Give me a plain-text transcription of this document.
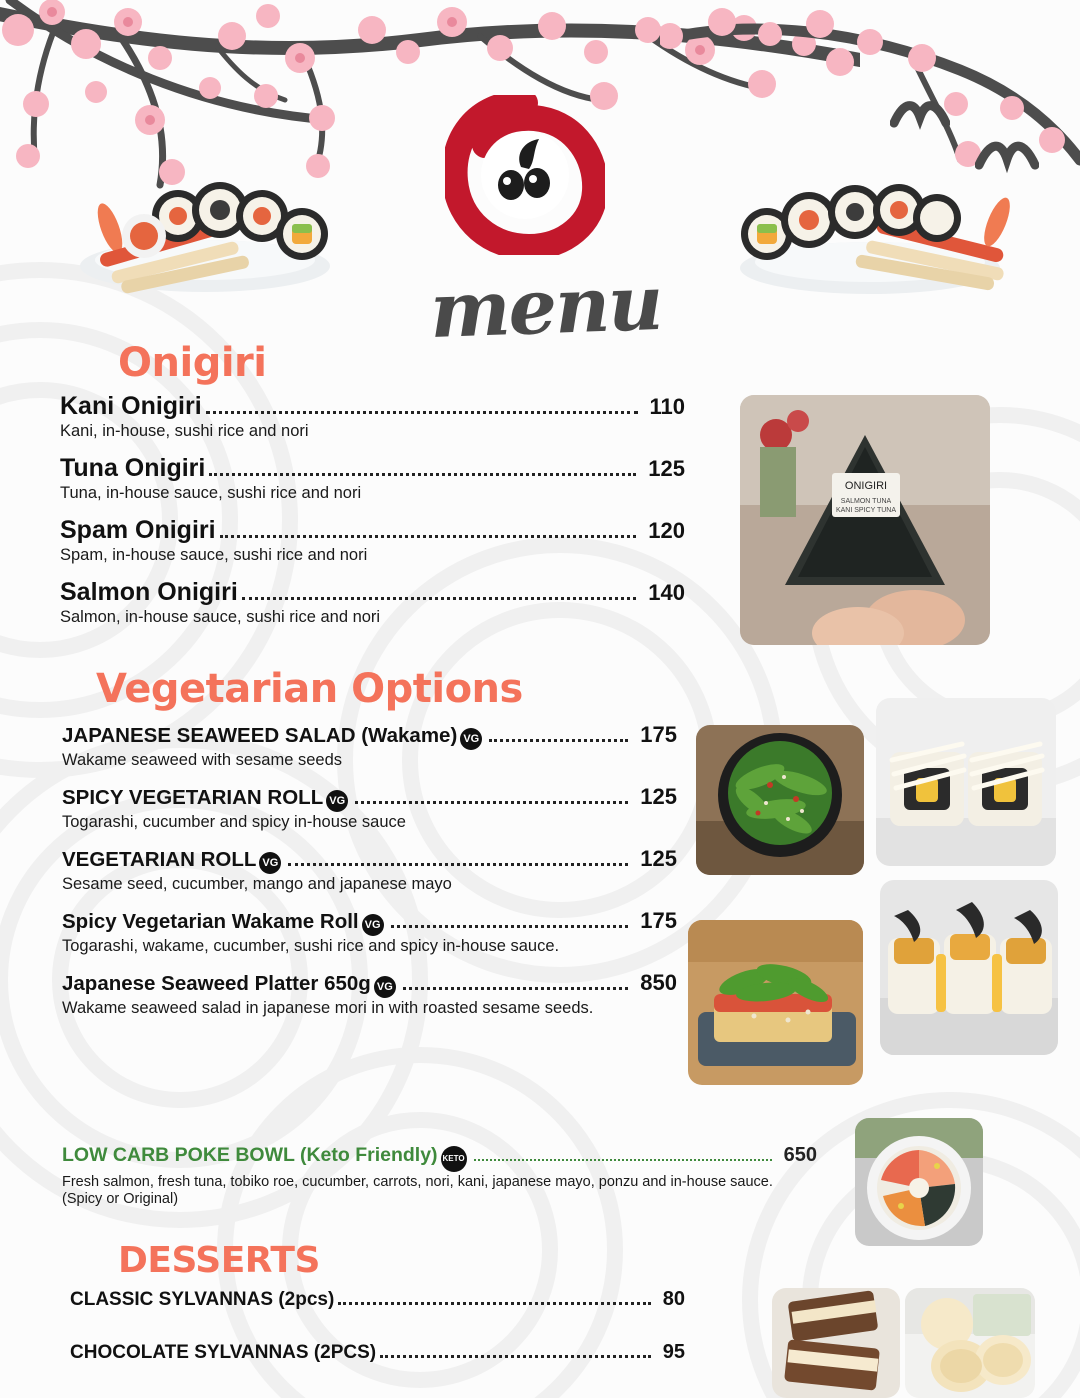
menu
Onigiri
Kani Onigiri	110
Kani, in-house, sushi rice and nori
Tuna Onigiri	125
Tuna, in-house sauce, sushi rice and nori
Spam Onigiri	120
Spam, in-house sauce, sushi rice and nori
Salmon Onigiri	140
Salmon, in-house sauce, sushi rice and nori
Vegetarian Options
JAPANESE SEAWEED SALAD (Wakame) VG	175
Wakame seaweed with sesame seeds
SPICY VEGETARIAN ROLL VG	125
Togarashi, cucumber and spicy in-house sauce
VEGETARIAN ROLL VG	125
Sesame seed, cucumber, mango and japanese mayo
Spicy Vegetarian Wakame Roll VG	175
Togarashi, wakame, cucumber, sushi rice and spicy in-house sauce.
Japanese Seaweed Platter 650g VG	850
Wakame seaweed salad in japanese mori in with roasted sesame seeds.
LOW CARB POKE BOWL (Keto Friendly) KETO	650
Fresh salmon, fresh tuna, tobiko roe, cucumber, carrots, nori, kani, japanese mayo, ponzu and in-house sauce. (Spicy or Original)
DESSERTS
CLASSIC SYLVANNAS (2pcs)	80
CHOCOLATE SYLVANNAS (2PCS)	95
ONIGIRI
SALMON TUNA
KANI SPICY TUNA
